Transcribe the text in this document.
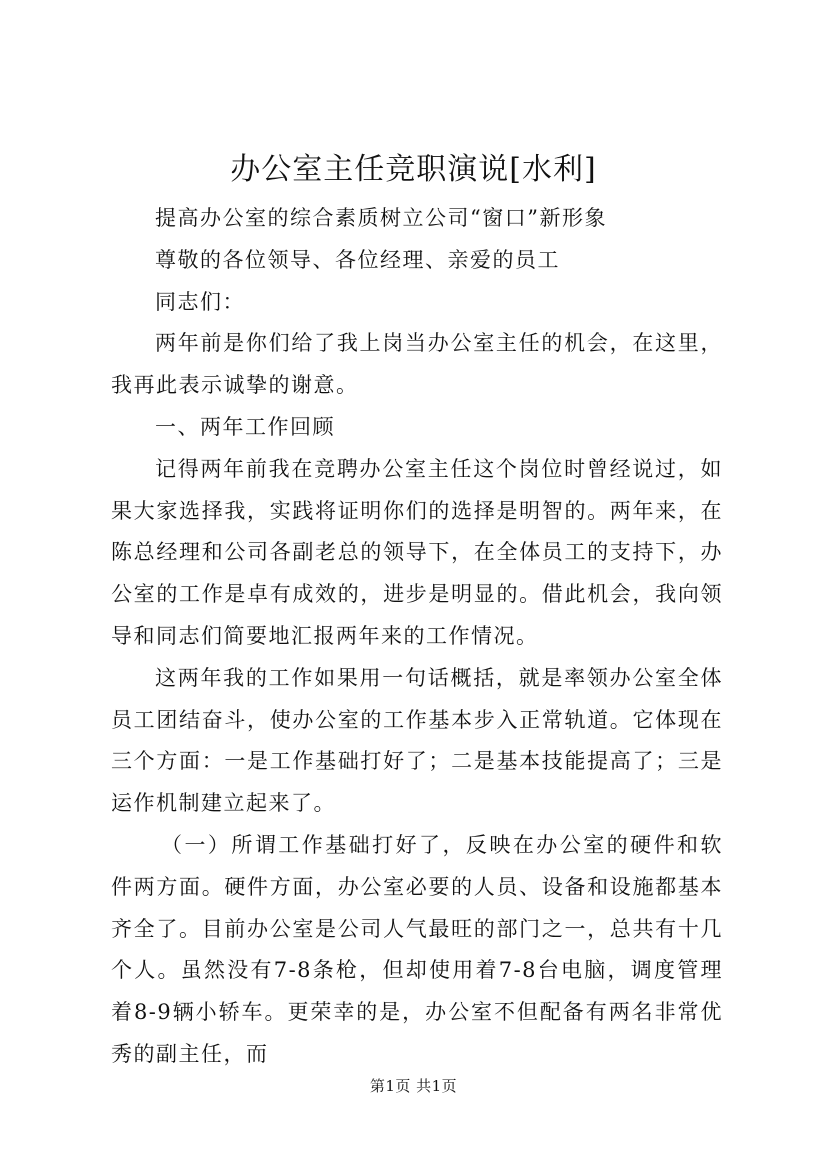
办公室主任竞职演说[水利]

提高办公室的综合素质树立公司“窗口”新形象

尊敬的各位领导、各位经理、亲爱的员工

同志们：

两年前是你们给了我上岗当办公室主任的机会，在这里，我再此表示诚挚的谢意。

一、两年工作回顾

记得两年前我在竞聘办公室主任这个岗位时曾经说过，如果大家选择我，实践将证明你们的选择是明智的。两年来，在陈总经理和公司各副老总的领导下，在全体员工的支持下，办公室的工作是卓有成效的，进步是明显的。借此机会，我向领导和同志们简要地汇报两年来的工作情况。

这两年我的工作如果用一句话概括，就是率领办公室全体员工团结奋斗，使办公室的工作基本步入正常轨道。它体现在三个方面：一是工作基础打好了；二是基本技能提高了；三是运作机制建立起来了。

（一）所谓工作基础打好了，反映在办公室的硬件和软件两方面。硬件方面，办公室必要的人员、设备和设施都基本齐全了。目前办公室是公司人气最旺的部门之一，总共有十几个人。虽然没有7-8条枪，但却使用着7-8台电脑，调度管理着8-9辆小轿车。更荣幸的是，办公室不但配备有两名非常优秀的副主任，而

第1页 共1页
